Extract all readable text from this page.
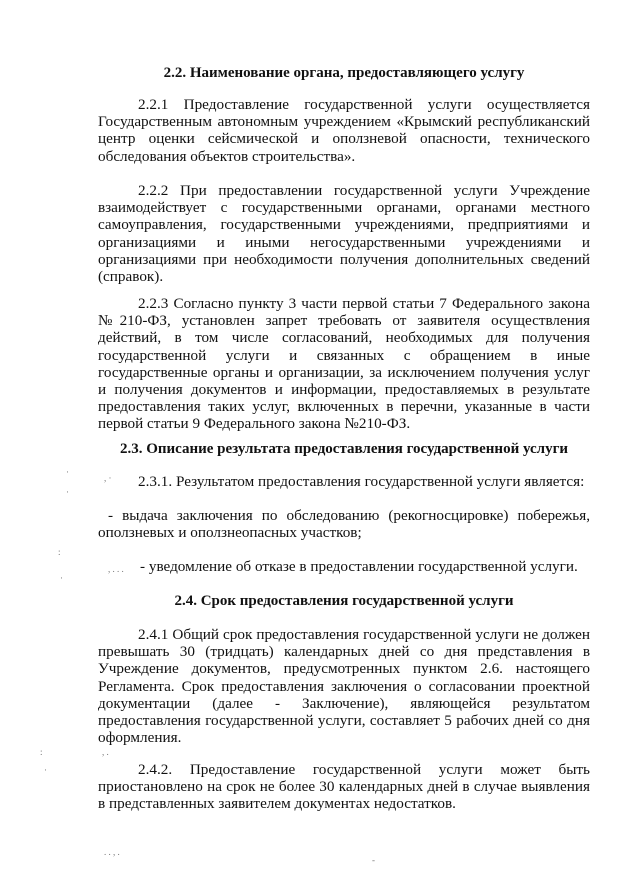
2.2. Наименование органа, предоставляющего услугу
2.2.1 Предоставление государственной услуги осуществляется Государственным автономным учреждением «Крымский республиканский центр оценки сейсмической и оползневой опасности, технического обследования объектов строительства».
2.2.2 При предоставлении государственной услуги Учреждение взаимодействует с государственными органами, органами местного самоуправления, государственными учреждениями, предприятиями и организациями и иными негосударственными учреждениями и организациями при необходимости получения дополнительных сведений (справок).
2.2.3 Согласно пункту 3 части первой статьи 7 Федерального закона №210-ФЗ, установлен запрет требовать от заявителя осуществления действий, в том числе согласований, необходимых для получения государственной услуги и связанных с обращением в иные государственные органы и организации, за исключением получения услуг и получения документов и информации, предоставляемых в результате предоставления таких услуг, включенных в перечни, указанные в части первой статьи 9 Федерального закона №210-ФЗ.
2.3. Описание результата предоставления государственной услуги
2.3.1. Результатом предоставления государственной услуги является:
- выдача заключения по обследованию (рекогносцировке) побережья, оползневых и оползнеопасных участков;
- уведомление об отказе в предоставлении государственной услуги.
2.4. Срок предоставления государственной услуги
2.4.1 Общий срок предоставления государственной услуги не должен превышать 30 (тридцать) календарных дней со дня представления в Учреждение документов, предусмотренных пунктом 2.6. настоящего Регламента. Срок предоставления заключения о согласовании проектной документации (далее - Заключение), являющейся результатом предоставления государственной услуги, составляет 5 рабочих дней со дня оформления.
2.4.2. Предоставление государственной услуги может быть приостановлено на срок не более 30 календарных дней в случае выявления в представленных заявителем документах недостатков.
·
·
, ·
, . . .
:
·
:
·
, .
. . , .
-
